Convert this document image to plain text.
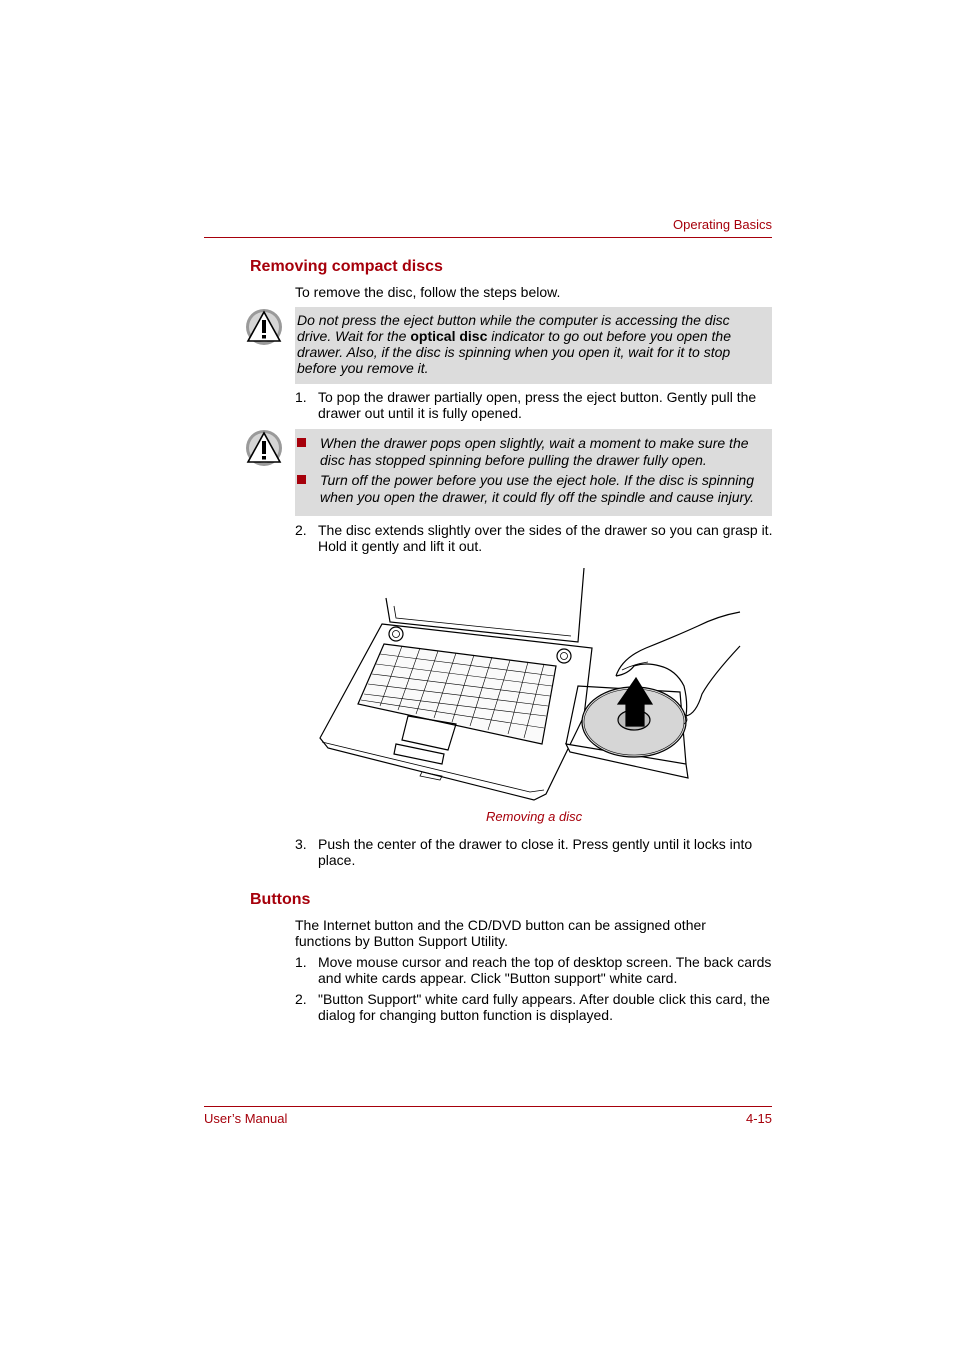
Operating Basics
Removing compact discs
To remove the disc, follow the steps below.
Do not press the eject button while the computer is accessing the disc drive. Wait for the optical disc indicator to go out before you open the drawer. Also, if the disc is spinning when you open it, wait for it to stop before you remove it.
1. To pop the drawer partially open, press the eject button. Gently pull the drawer out until it is fully opened.
When the drawer pops open slightly, wait a moment to make sure the disc has stopped spinning before pulling the drawer fully open.
Turn off the power before you use the eject hole. If the disc is spinning when you open the drawer, it could fly off the spindle and cause injury.
2. The disc extends slightly over the sides of the drawer so you can grasp it. Hold it gently and lift it out.
Removing a disc
3. Push the center of the drawer to close it. Press gently until it locks into place.
Buttons
The Internet button and the CD/DVD button can be assigned other functions by Button Support Utility.
1. Move mouse cursor and reach the top of desktop screen. The back cards and white cards appear. Click "Button support" white card.
2. "Button Support" white card fully appears. After double click this card, the dialog for changing button function is displayed.
User’s Manual	4-15
